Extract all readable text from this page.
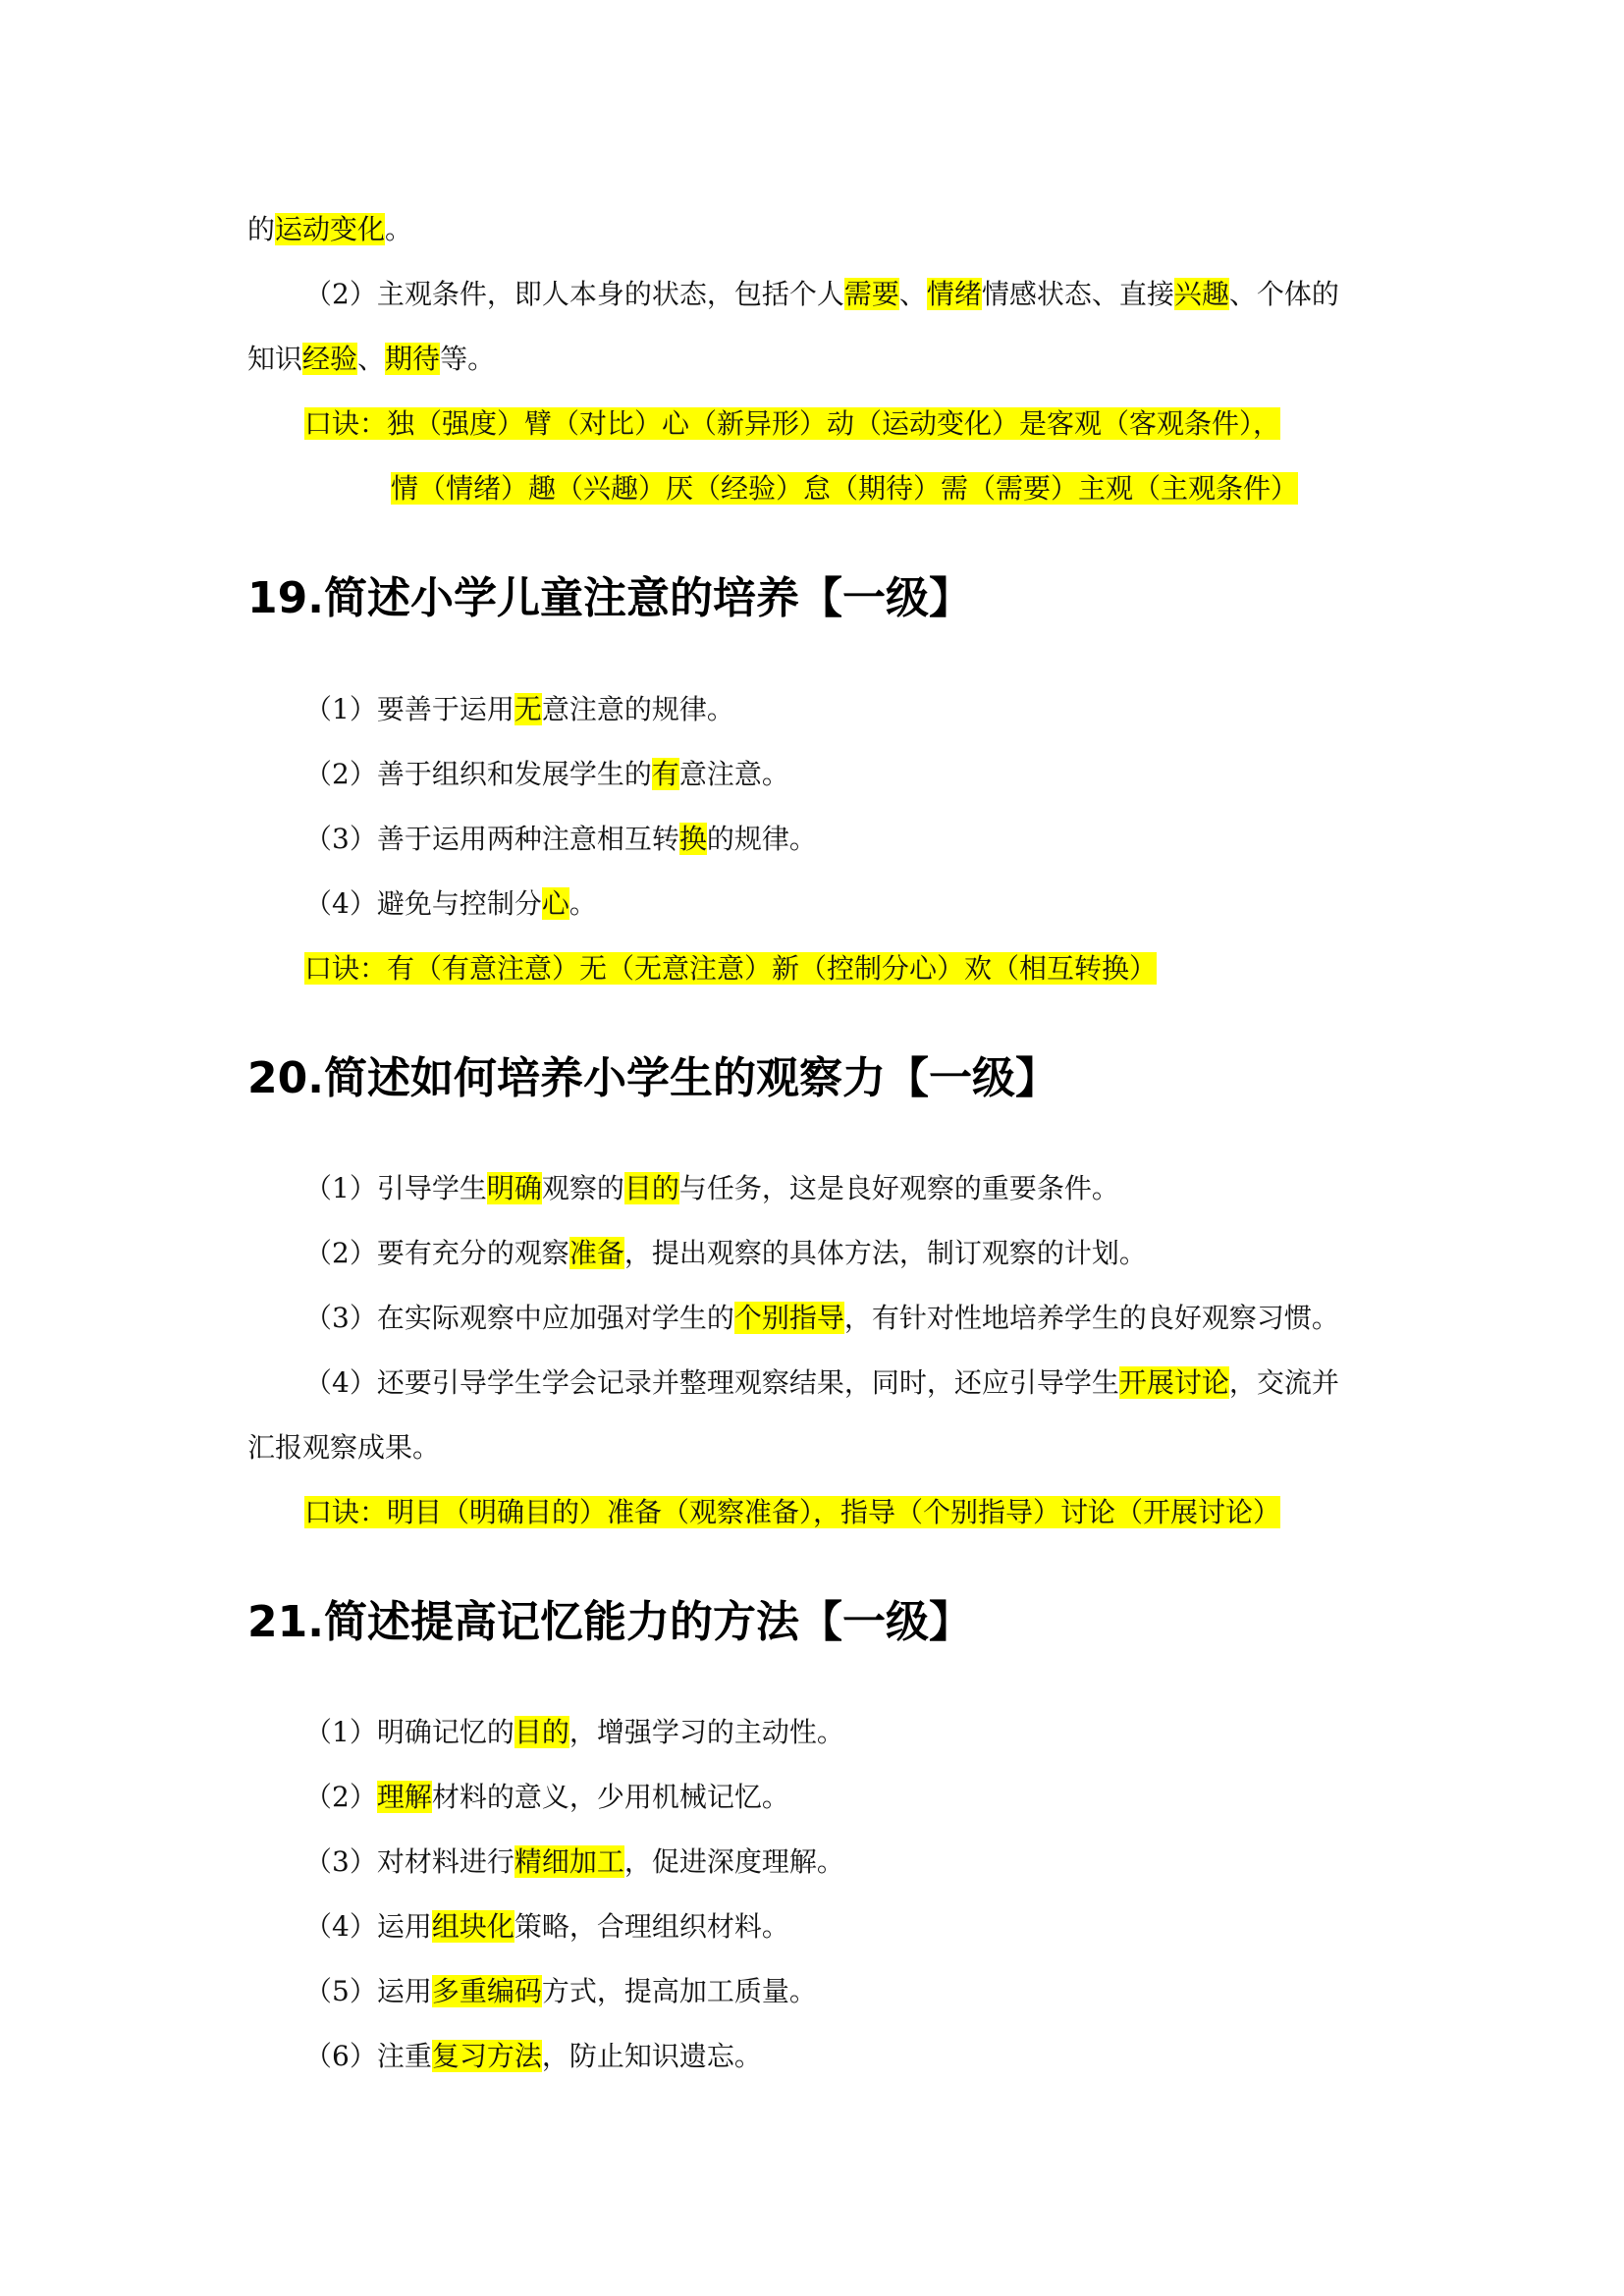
的运动变化。
（2）主观条件，即人本身的状态，包括个人需要、情绪情感状态、直接兴趣、个体的
知识经验、期待等。
口诀：独（强度）臂（对比）心（新异形）动（运动变化）是客观（客观条件），
情（情绪）趣（兴趣）厌（经验）怠（期待）需（需要）主观（主观条件）
19.简述小学儿童注意的培养【一级】
（1）要善于运用无意注意的规律。
（2）善于组织和发展学生的有意注意。
（3）善于运用两种注意相互转换的规律。
（4）避免与控制分心。
口诀：有（有意注意）无（无意注意）新（控制分心）欢（相互转换）
20.简述如何培养小学生的观察力【一级】
（1）引导学生明确观察的目的与任务，这是良好观察的重要条件。
（2）要有充分的观察准备，提出观察的具体方法，制订观察的计划。
（3）在实际观察中应加强对学生的个别指导，有针对性地培养学生的良好观察习惯。
（4）还要引导学生学会记录并整理观察结果，同时，还应引导学生开展讨论，交流并
汇报观察成果。
口诀：明目（明确目的）准备（观察准备），指导（个别指导）讨论（开展讨论）
21.简述提高记忆能力的方法【一级】
（1）明确记忆的目的，增强学习的主动性。
（2）理解材料的意义，少用机械记忆。
（3）对材料进行精细加工，促进深度理解。
（4）运用组块化策略，合理组织材料。
（5）运用多重编码方式，提高加工质量。
（6）注重复习方法，防止知识遗忘。
